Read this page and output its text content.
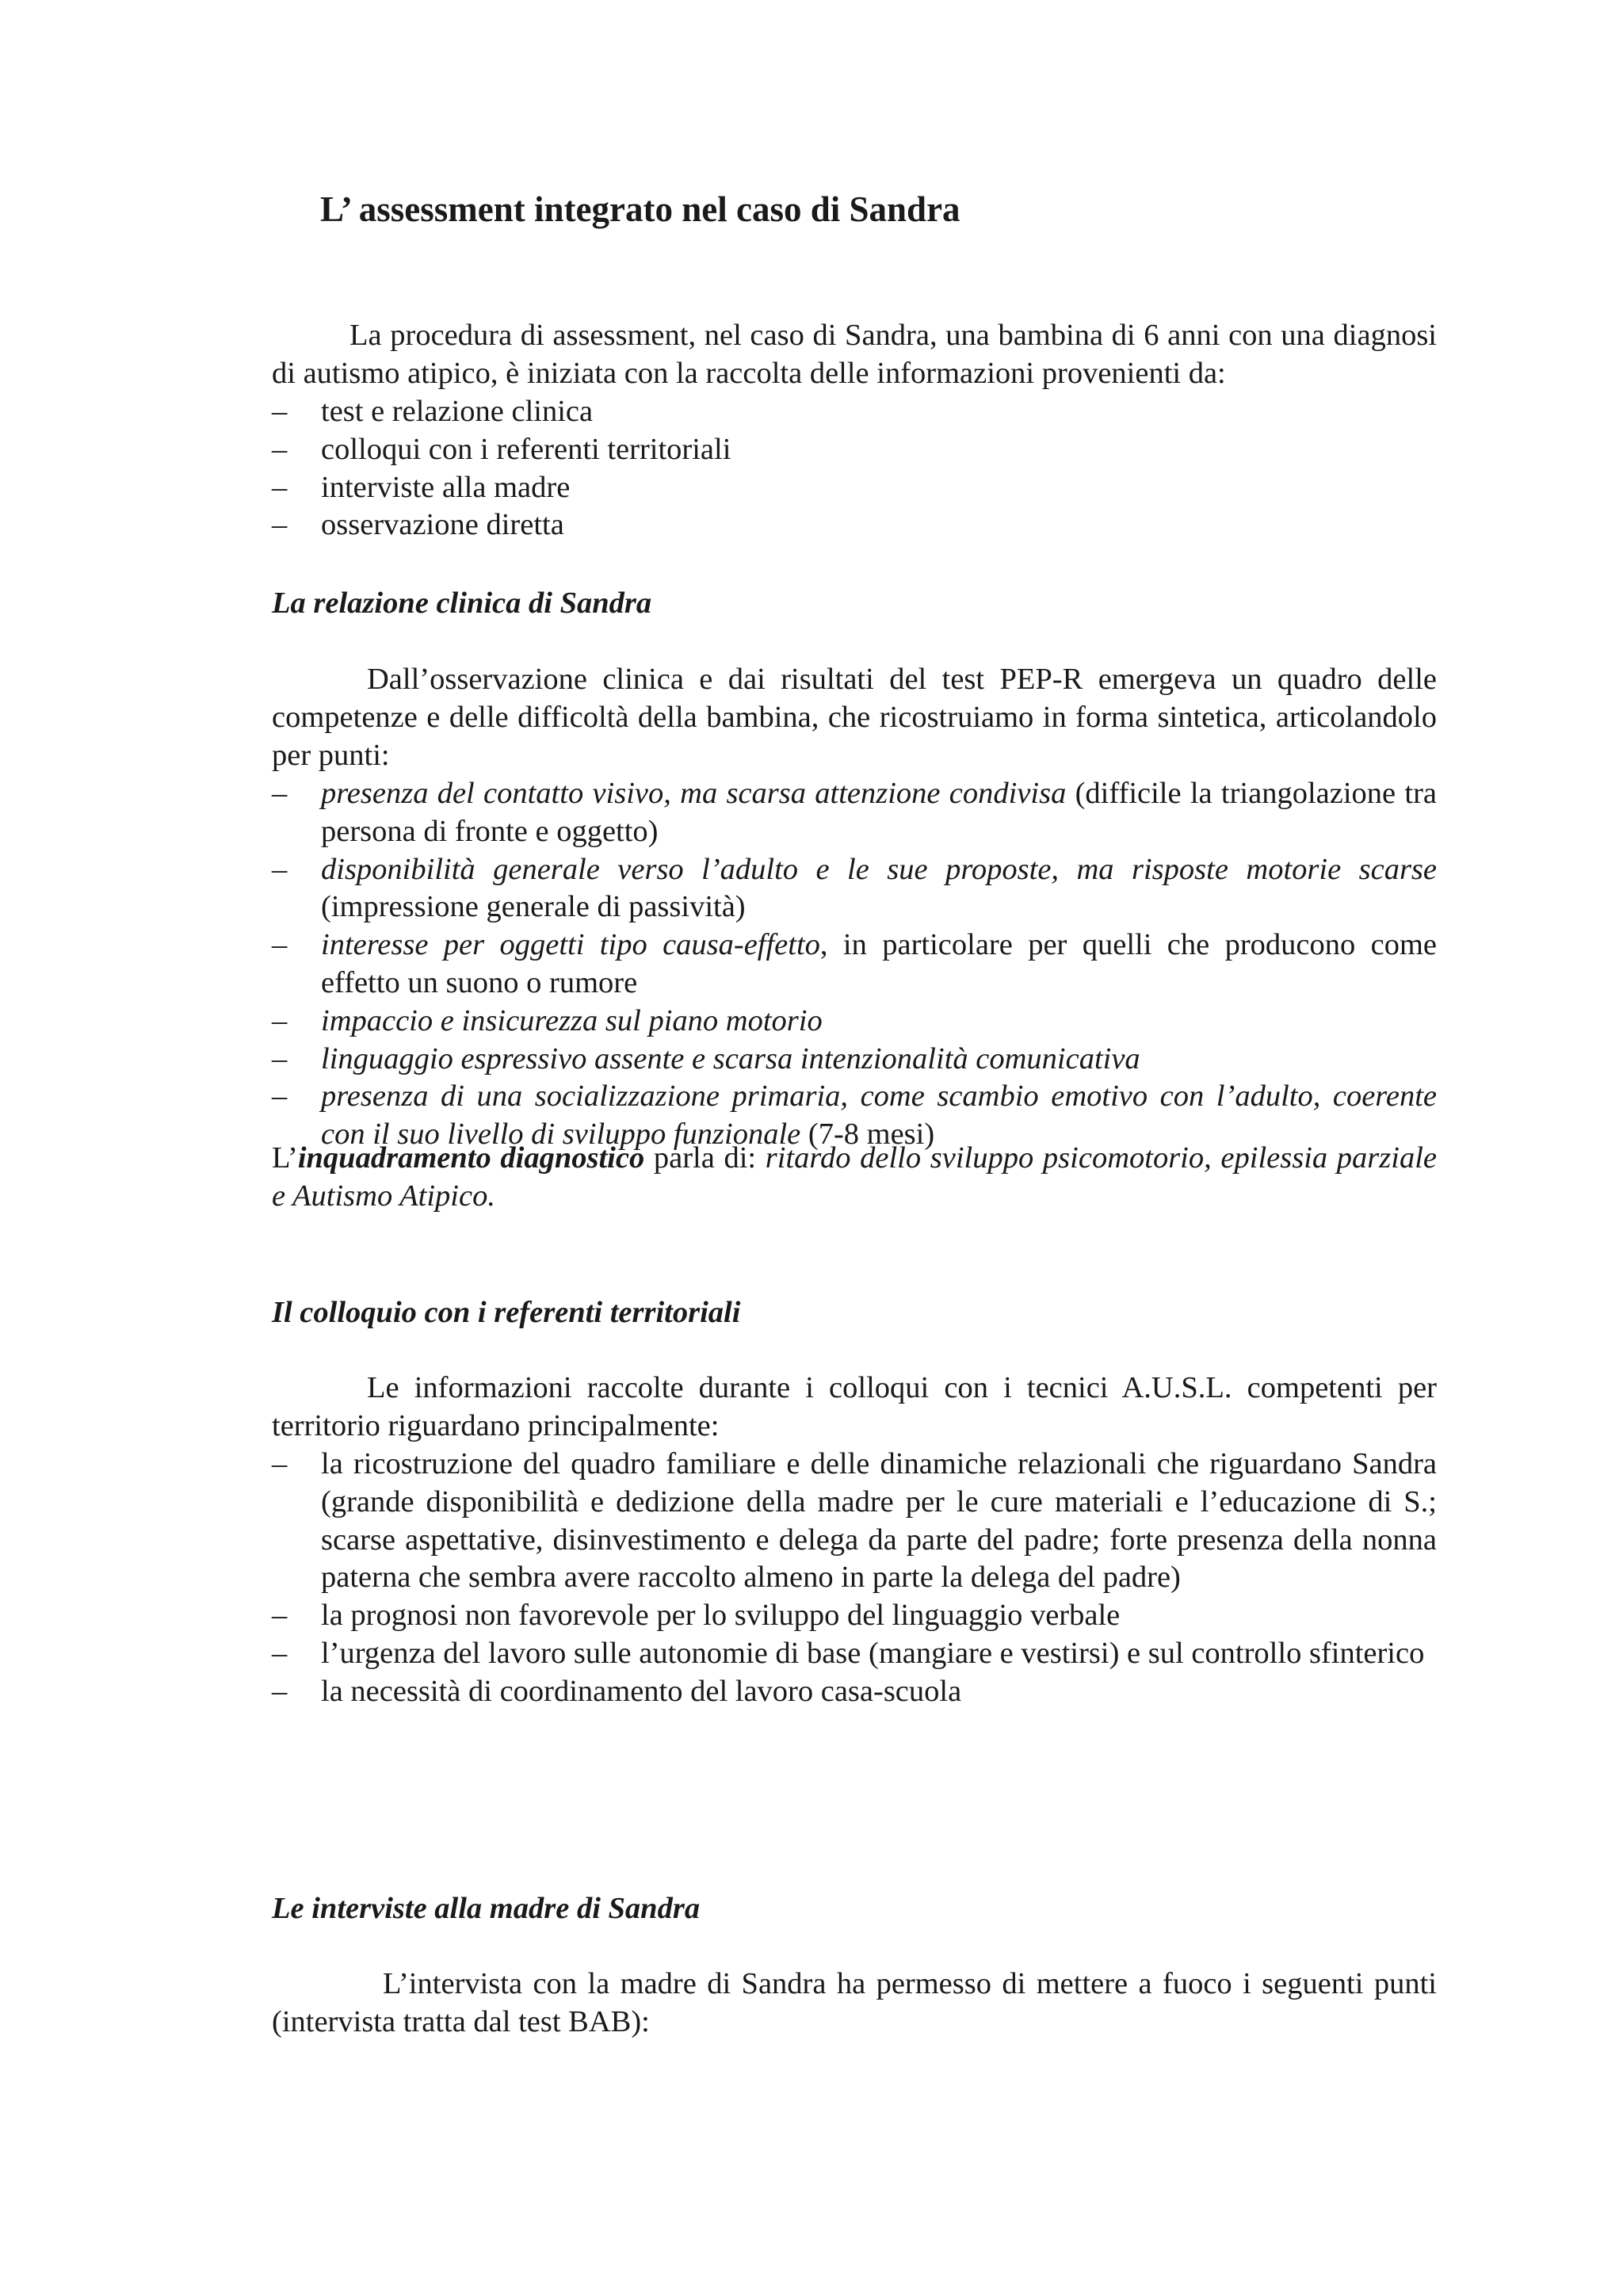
L’ assessment integrato nel caso di Sandra

La procedura di assessment, nel caso di Sandra, una bambina di 6 anni con una diagnosi di autismo atipico, è iniziata con la raccolta delle informazioni provenienti da:

– test e relazione clinica
– colloqui con i referenti territoriali
– interviste alla madre
– osservazione diretta
La relazione clinica di Sandra

Dall’osservazione clinica e dai risultati del test PEP-R emergeva un quadro delle competenze e delle difficoltà della bambina, che ricostruiamo in forma sintetica, articolandolo per punti:

– presenza del contatto visivo, ma scarsa attenzione condivisa (difficile la triangolazione tra persona di fronte e oggetto)
– disponibilità generale verso l’adulto e le sue proposte, ma risposte motorie scarse (impressione generale di passività)
– interesse per oggetti tipo causa-effetto, in particolare per quelli che producono come effetto un suono o rumore
– impaccio e insicurezza sul piano motorio
– linguaggio espressivo assente e scarsa intenzionalità comunicativa
– presenza di una socializzazione primaria, come scambio emotivo con l’adulto, coerente con il suo livello di sviluppo funzionale (7-8 mesi)

L’inquadramento diagnostico parla di: ritardo dello sviluppo psicomotorio, epilessia parziale e Autismo Atipico.

Il colloquio con i referenti territoriali

Le informazioni raccolte durante i colloqui con i tecnici A.U.S.L. competenti per territorio riguardano principalmente:

– la ricostruzione del quadro familiare e delle dinamiche relazionali che riguardano Sandra (grande disponibilità e dedizione della madre per le cure materiali e l’educazione di S.; scarse aspettative, disinvestimento e delega da parte del padre; forte presenza della nonna paterna che sembra avere raccolto almeno in parte la delega del padre)
– la prognosi non favorevole per lo sviluppo del linguaggio verbale
– l’urgenza del lavoro sulle autonomie di base (mangiare e vestirsi) e sul controllo sfinterico
– la necessità di coordinamento del lavoro casa-scuola
Le interviste alla madre di Sandra

L’intervista con la madre di Sandra ha permesso di mettere a fuoco i seguenti punti (intervista tratta dal test BAB):
